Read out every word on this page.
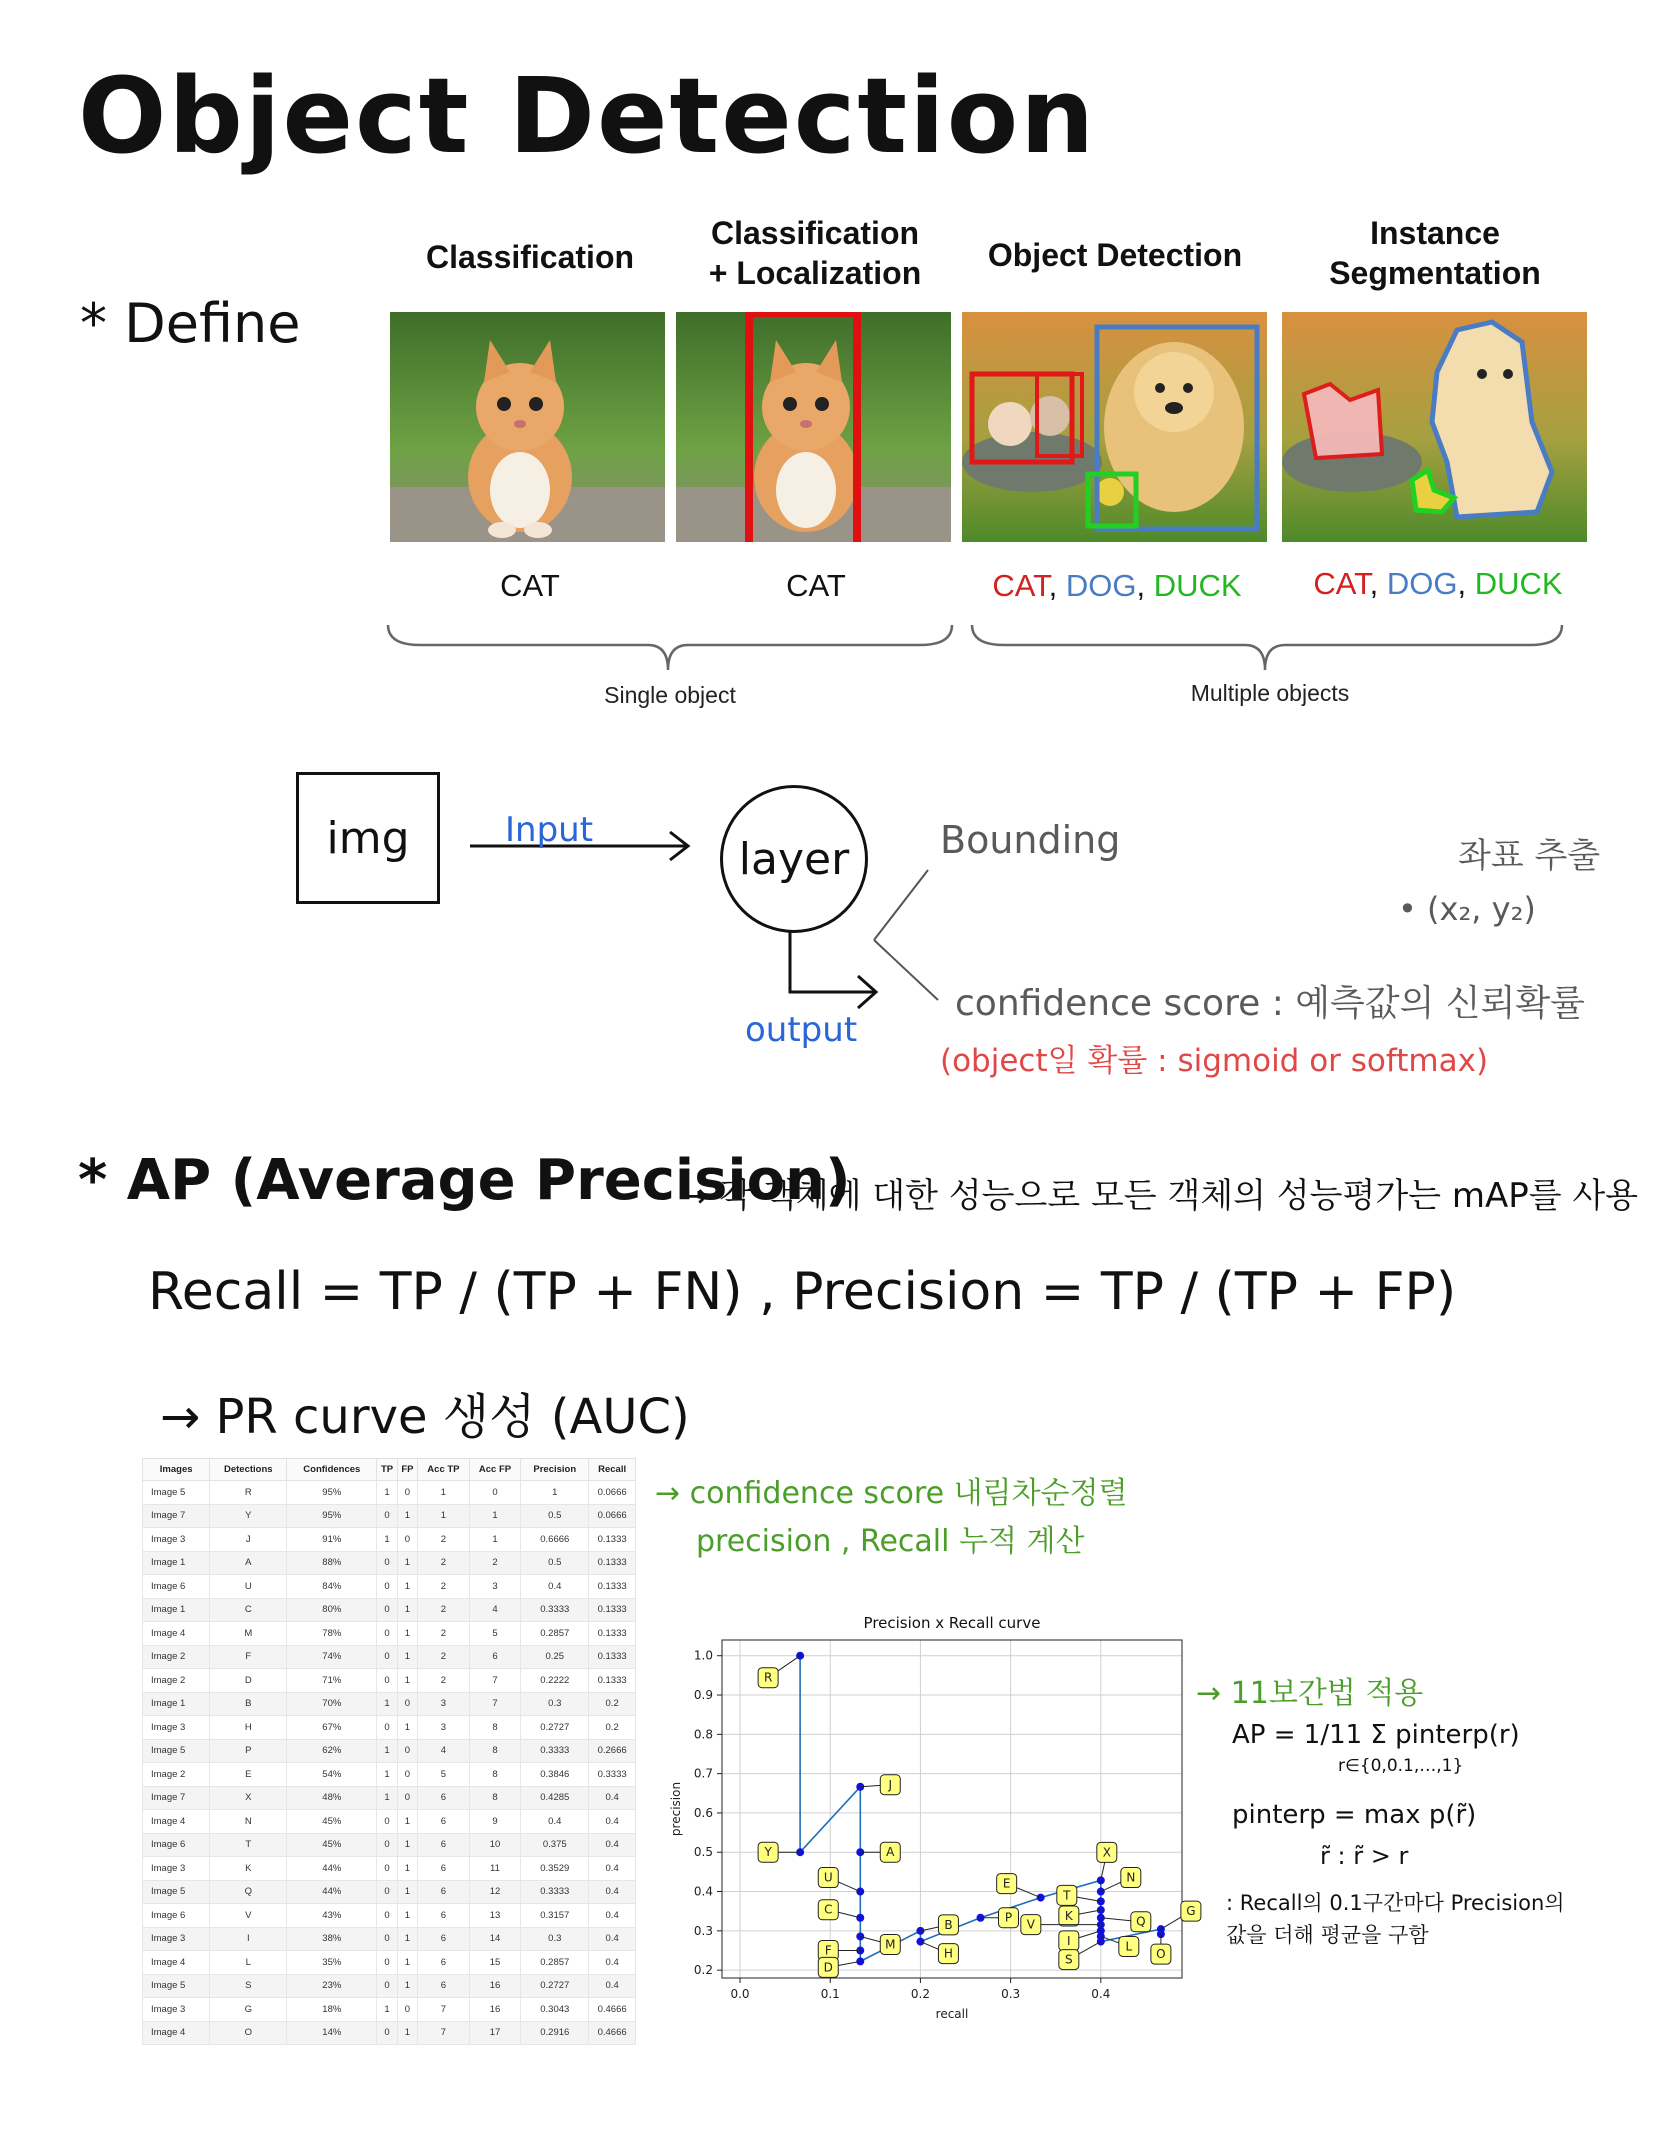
Object Detection
* Define
Classification
Classification
+ Localization	Object Detection
Instance
Segmentation
CAT	CAT	CAT, DOG, DUCK	CAT, DOG, DUCK
Single object	Multiple objects
img	Input
layer
output
Bounding	좌표 추출
• (x₂, y₂)
confidence score : 예측값의 신뢰확률
(object일 확률 : sigmoid or softmax)
* AP (Average Precision)
→ 각 객체에 대한 성능으로 모든 객체의 성능평가는 mAP를 사용
Recall = TP / (TP + FN) , Precision = TP / (TP + FP)
→ PR curve 생성 (AUC)
Images	Detections	Confidences	TP	FP	Acc TP	Acc FP	Precision	Recall
Image 5	R	95%	1	0	1	0	1	0.0666
Image 7	Y	95%	0	1	1	1	0.5	0.0666
Image 3	J	91%	1	0	2	1	0.6666	0.1333
Image 1	A	88%	0	1	2	2	0.5	0.1333
Image 6	U	84%	0	1	2	3	0.4	0.1333
Image 1	C	80%	0	1	2	4	0.3333	0.1333
Image 4	M	78%	0	1	2	5	0.2857	0.1333
Image 2	F	74%	0	1	2	6	0.25	0.1333
Image 2	D	71%	0	1	2	7	0.2222	0.1333
Image 1	B	70%	1	0	3	7	0.3	0.2
Image 3	H	67%	0	1	3	8	0.2727	0.2
Image 5	P	62%	1	0	4	8	0.3333	0.2666
Image 2	E	54%	1	0	5	8	0.3846	0.3333
Image 7	X	48%	1	0	6	8	0.4285	0.4
Image 4	N	45%	0	1	6	9	0.4	0.4
Image 6	T	45%	0	1	6	10	0.375	0.4
Image 3	K	44%	0	1	6	11	0.3529	0.4
Image 5	Q	44%	0	1	6	12	0.3333	0.4
Image 6	V	43%	0	1	6	13	0.3157	0.4
Image 3	I	38%	0	1	6	14	0.3	0.4
Image 4	L	35%	0	1	6	15	0.2857	0.4
Image 5	S	23%	0	1	6	16	0.2727	0.4
Image 3	G	18%	1	0	7	16	0.3043	0.4666
Image 4	O	14%	0	1	7	17	0.2916	0.4666
→ confidence score 내림차순정렬
precision , Recall 누적 계산
Precision x Recall curve
0.0	0.1	0.2	0.3	0.4
0.2
0.3
0.4
0.5
0.6
0.7
0.8
0.9
1.0
R
Y
J
A
U
C
M
F
D
B
H
P
E
X
N
T
K	Q
V
I	L
S
G
O
recall
precision
→ 11보간법 적용
AP = 1/11 Σ pinterp(r)
r∈{0,0.1,…,1}
pinterp = max p(r̃)
r̃ : r̃ > r
: Recall의 0.1구간마다 Precision의
값을 더해 평균을 구함
